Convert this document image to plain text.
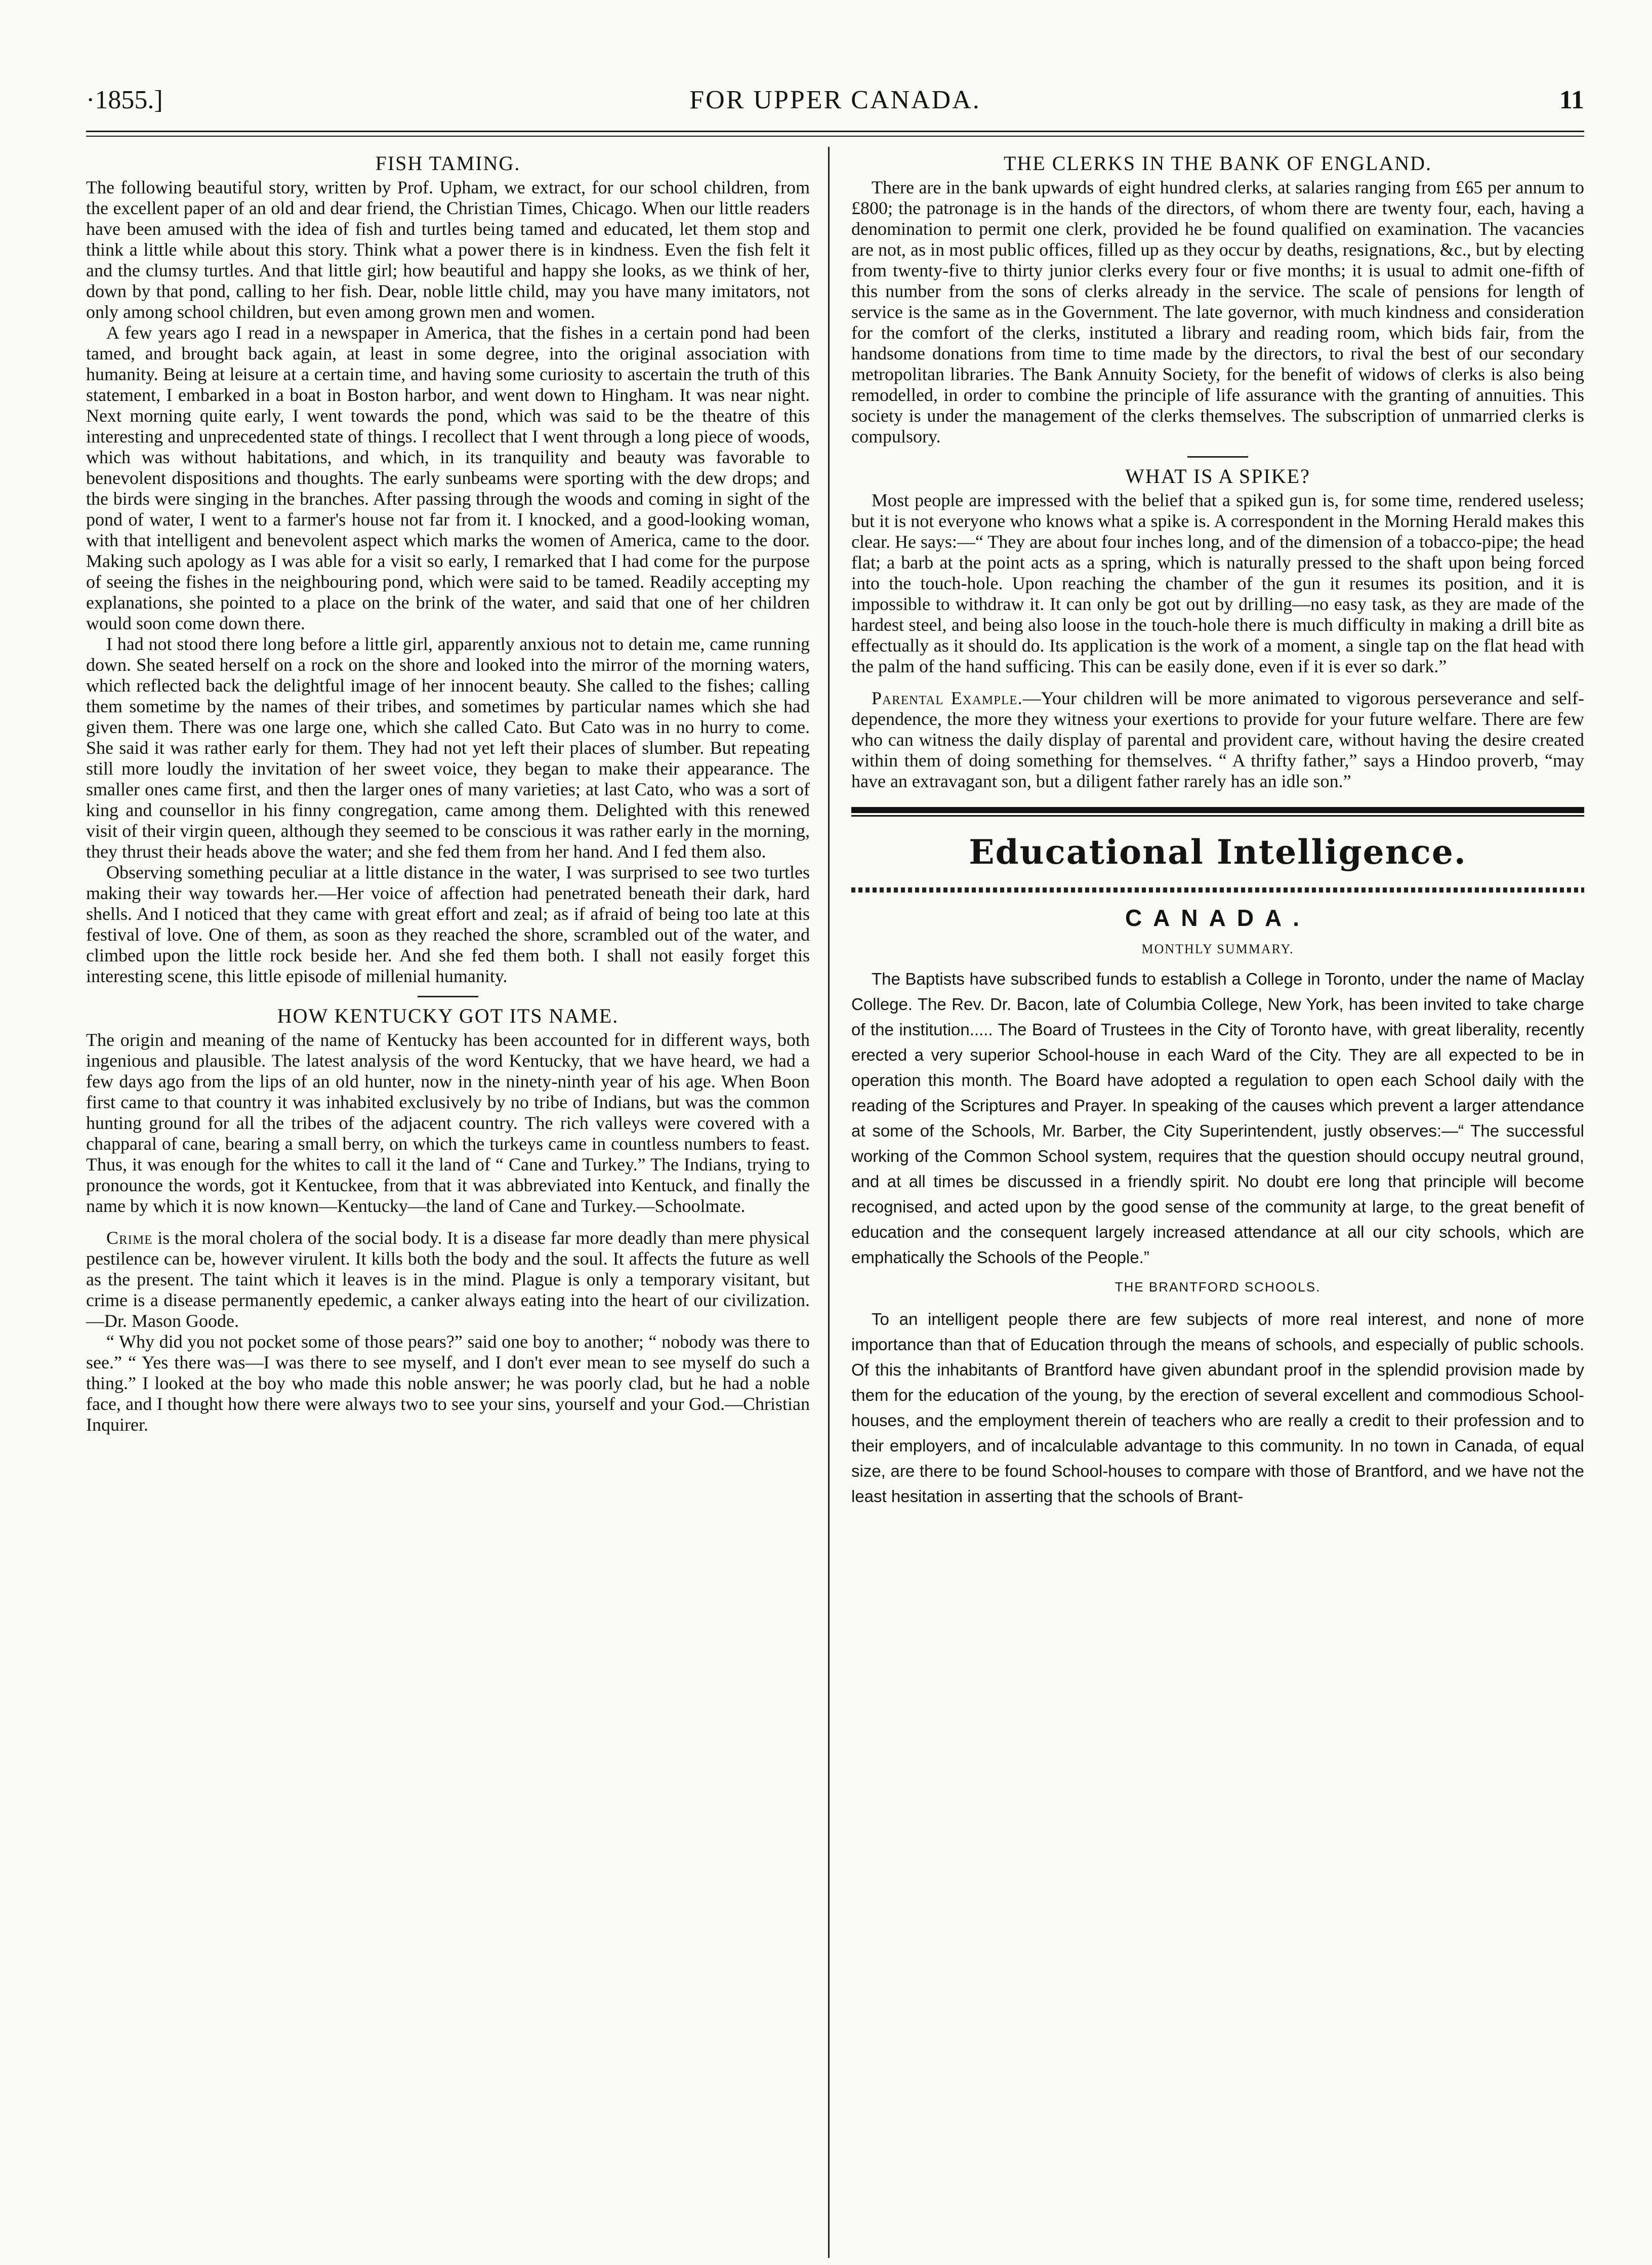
·1855.]	FOR UPPER CANADA.	11
FISH TAMING.

The following beautiful story, written by Prof. Upham, we extract, for our school children, from the excellent paper of an old and dear friend, the Christian Times, Chicago. When our little readers have been amused with the idea of fish and turtles being tamed and educated, let them stop and think a little while about this story. Think what a power there is in kindness. Even the fish felt it and the clumsy turtles. And that little girl; how beautiful and happy she looks, as we think of her, down by that pond, calling to her fish. Dear, noble little child, may you have many imitators, not only among school children, but even among grown men and women.

A few years ago I read in a newspaper in America, that the fishes in a certain pond had been tamed, and brought back again, at least in some degree, into the original association with humanity. Being at leisure at a certain time, and having some curiosity to ascertain the truth of this statement, I embarked in a boat in Boston harbor, and went down to Hingham. It was near night. Next morning quite early, I went towards the pond, which was said to be the theatre of this interesting and unprecedented state of things. I recollect that I went through a long piece of woods, which was without habitations, and which, in its tranquility and beauty was favorable to benevolent dispositions and thoughts. The early sunbeams were sporting with the dew drops; and the birds were singing in the branches. After passing through the woods and coming in sight of the pond of water, I went to a farmer's house not far from it. I knocked, and a good-looking woman, with that intelligent and benevolent aspect which marks the women of America, came to the door. Making such apology as I was able for a visit so early, I remarked that I had come for the purpose of seeing the fishes in the neighbouring pond, which were said to be tamed. Readily accepting my explanations, she pointed to a place on the brink of the water, and said that one of her children would soon come down there.

I had not stood there long before a little girl, apparently anxious not to detain me, came running down. She seated herself on a rock on the shore and looked into the mirror of the morning waters, which reflected back the delightful image of her innocent beauty. She called to the fishes; calling them sometime by the names of their tribes, and sometimes by particular names which she had given them. There was one large one, which she called Cato. But Cato was in no hurry to come. She said it was rather early for them. They had not yet left their places of slumber. But repeating still more loudly the invitation of her sweet voice, they began to make their appearance. The smaller ones came first, and then the larger ones of many varieties; at last Cato, who was a sort of king and counsellor in his finny congregation, came among them. Delighted with this renewed visit of their virgin queen, although they seemed to be conscious it was rather early in the morning, they thrust their heads above the water; and she fed them from her hand. And I fed them also.

Observing something peculiar at a little distance in the water, I was surprised to see two turtles making their way towards her.—Her voice of affection had penetrated beneath their dark, hard shells. And I noticed that they came with great effort and zeal; as if afraid of being too late at this festival of love. One of them, as soon as they reached the shore, scrambled out of the water, and climbed upon the little rock beside her. And she fed them both. I shall not easily forget this interesting scene, this little episode of millenial humanity.

HOW KENTUCKY GOT ITS NAME.

The origin and meaning of the name of Kentucky has been accounted for in different ways, both ingenious and plausible. The latest analysis of the word Kentucky, that we have heard, we had a few days ago from the lips of an old hunter, now in the ninety-ninth year of his age. When Boon first came to that country it was inhabited exclusively by no tribe of Indians, but was the common hunting ground for all the tribes of the adjacent country. The rich valleys were covered with a chapparal of cane, bearing a small berry, on which the turkeys came in countless numbers to feast. Thus, it was enough for the whites to call it the land of “ Cane and Turkey.” The Indians, trying to pronounce the words, got it Kentuckee, from that it was abbreviated into Kentuck, and finally the name by which it is now known—Kentucky—the land of Cane and Turkey.—Schoolmate.

Crime is the moral cholera of the social body. It is a disease far more deadly than mere physical pestilence can be, however virulent. It kills both the body and the soul. It affects the future as well as the present. The taint which it leaves is in the mind. Plague is only a temporary visitant, but crime is a disease permanently epedemic, a canker always eating into the heart of our civilization.—Dr. Mason Goode.

“ Why did you not pocket some of those pears?” said one boy to another; “ nobody was there to see.” “ Yes there was—I was there to see myself, and I don't ever mean to see myself do such a thing.” I looked at the boy who made this noble answer; he was poorly clad, but he had a noble face, and I thought how there were always two to see your sins, yourself and your God.—Christian Inquirer.

THE CLERKS IN THE BANK OF ENGLAND.

There are in the bank upwards of eight hundred clerks, at salaries ranging from £65 per annum to £800; the patronage is in the hands of the directors, of whom there are twenty four, each, having a denomination to permit one clerk, provided he be found qualified on examination. The vacancies are not, as in most public offices, filled up as they occur by deaths, resignations, &c., but by electing from twenty-five to thirty junior clerks every four or five months; it is usual to admit one-fifth of this number from the sons of clerks already in the service. The scale of pensions for length of service is the same as in the Government. The late governor, with much kindness and consideration for the comfort of the clerks, instituted a library and reading room, which bids fair, from the handsome donations from time to time made by the directors, to rival the best of our secondary metropolitan libraries. The Bank Annuity Society, for the benefit of widows of clerks is also being remodelled, in order to combine the principle of life assurance with the granting of annuities. This society is under the management of the clerks themselves. The subscription of unmarried clerks is compulsory.

WHAT IS A SPIKE?

Most people are impressed with the belief that a spiked gun is, for some time, rendered useless; but it is not everyone who knows what a spike is. A correspondent in the Morning Herald makes this clear. He says:—“ They are about four inches long, and of the dimension of a tobacco-pipe; the head flat; a barb at the point acts as a spring, which is naturally pressed to the shaft upon being forced into the touch-hole. Upon reaching the chamber of the gun it resumes its position, and it is impossible to withdraw it. It can only be got out by drilling—no easy task, as they are made of the hardest steel, and being also loose in the touch-hole there is much difficulty in making a drill bite as effectually as it should do. Its application is the work of a moment, a single tap on the flat head with the palm of the hand sufficing. This can be easily done, even if it is ever so dark.”

Parental Example.—Your children will be more animated to vigorous perseverance and self-dependence, the more they witness your exertions to provide for your future welfare. There are few who can witness the daily display of parental and provident care, without having the desire created within them of doing something for themselves. “ A thrifty father,” says a Hindoo proverb, “may have an extravagant son, but a diligent father rarely has an idle son.”

Educational Intelligence.
CANADA.
MONTHLY SUMMARY.

The Baptists have subscribed funds to establish a College in Toronto, under the name of Maclay College. The Rev. Dr. Bacon, late of Columbia College, New York, has been invited to take charge of the institution..... The Board of Trustees in the City of Toronto have, with great liberality, recently erected a very superior School-house in each Ward of the City. They are all expected to be in operation this month. The Board have adopted a regulation to open each School daily with the reading of the Scriptures and Prayer. In speaking of the causes which prevent a larger attendance at some of the Schools, Mr. Barber, the City Superintendent, justly observes:—“ The successful working of the Common School system, requires that the question should occupy neutral ground, and at all times be discussed in a friendly spirit. No doubt ere long that principle will become recognised, and acted upon by the good sense of the community at large, to the great benefit of education and the consequent largely increased attendance at all our city schools, which are emphatically the Schools of the People.”

THE BRANTFORD SCHOOLS.

To an intelligent people there are few subjects of more real interest, and none of more importance than that of Education through the means of schools, and especially of public schools. Of this the inhabitants of Brantford have given abundant proof in the splendid provision made by them for the education of the young, by the erection of several excellent and commodious School-houses, and the employment therein of teachers who are really a credit to their profession and to their employers, and of incalculable advantage to this community. In no town in Canada, of equal size, are there to be found School-houses to compare with those of Brantford, and we have not the least hesitation in asserting that the schools of Brant-
